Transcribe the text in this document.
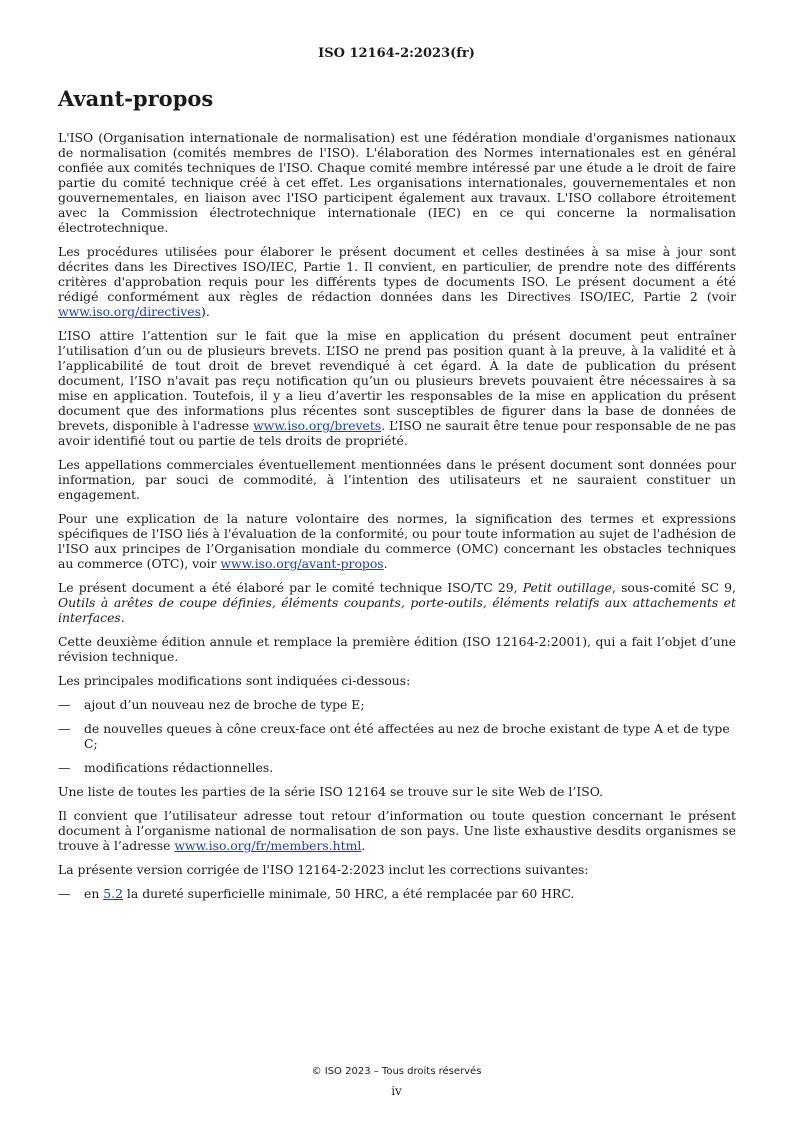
ISO 12164-2:2023(fr)
Avant-propos

L'ISO (Organisation internationale de normalisation) est une fédération mondiale d'organismes nationaux de normalisation (comités membres de l'ISO). L'élaboration des Normes internationales est en général confiée aux comités techniques de l'ISO. Chaque comité membre intéressé par une étude a le droit de faire partie du comité technique créé à cet effet. Les organisations internationales, gouvernementales et non gouvernementales, en liaison avec l'ISO participent également aux travaux. L'ISO collabore étroitement avec la Commission électrotechnique internationale (IEC) en ce qui concerne la normalisation électrotechnique.

Les procédures utilisées pour élaborer le présent document et celles destinées à sa mise à jour sont décrites dans les Directives ISO/IEC, Partie 1. Il convient, en particulier, de prendre note des différents critères d'approbation requis pour les différents types de documents ISO. Le présent document a été rédigé conformément aux règles de rédaction données dans les Directives ISO/IEC, Partie 2 (voir www.iso.org/directives).

L’ISO attire l’attention sur le fait que la mise en application du présent document peut entraîner l’utilisation d’un ou de plusieurs brevets. L’ISO ne prend pas position quant à la preuve, à la validité et à l’applicabilité de tout droit de brevet revendiqué à cet égard. À la date de publication du présent document, l’ISO n'avait pas reçu notification qu’un ou plusieurs brevets pouvaient être nécessaires à sa mise en application. Toutefois, il y a lieu d’avertir les responsables de la mise en application du présent document que des informations plus récentes sont susceptibles de figurer dans la base de données de brevets, disponible à l'adresse www.iso.org/brevets. L’ISO ne saurait être tenue pour responsable de ne pas avoir identifié tout ou partie de tels droits de propriété.

Les appellations commerciales éventuellement mentionnées dans le présent document sont données pour information, par souci de commodité, à l’intention des utilisateurs et ne sauraient constituer un engagement.

Pour une explication de la nature volontaire des normes, la signification des termes et expressions spécifiques de l'ISO liés à l'évaluation de la conformité, ou pour toute information au sujet de l'adhésion de l'ISO aux principes de l’Organisation mondiale du commerce (OMC) concernant les obstacles techniques au commerce (OTC), voir www.iso.org/avant-propos.

Le présent document a été élaboré par le comité technique ISO/TC 29, Petit outillage, sous-comité SC 9, Outils à arêtes de coupe définies, éléments coupants, porte-outils, éléments relatifs aux attachements et interfaces.

Cette deuxième édition annule et remplace la première édition (ISO 12164-2:2001), qui a fait l’objet d’une révision technique.

Les principales modifications sont indiquées ci-dessous:

—	ajout d’un nouveau nez de broche de type E;
—	de nouvelles queues à cône creux-face ont été affectées au nez de broche existant de type A et de type C;
—	modifications rédactionnelles.

Une liste de toutes les parties de la série ISO 12164 se trouve sur le site Web de l’ISO.

Il convient que l’utilisateur adresse tout retour d’information ou toute question concernant le présent document à l’organisme national de normalisation de son pays. Une liste exhaustive desdits organismes se trouve à l’adresse www.iso.org/fr/members.html.

La présente version corrigée de l'ISO 12164-2:2023 inclut les corrections suivantes:

—	en 5.2 la dureté superficielle minimale, 50 HRC, a été remplacée par 60 HRC.
© ISO 2023 – Tous droits réservés
iv
